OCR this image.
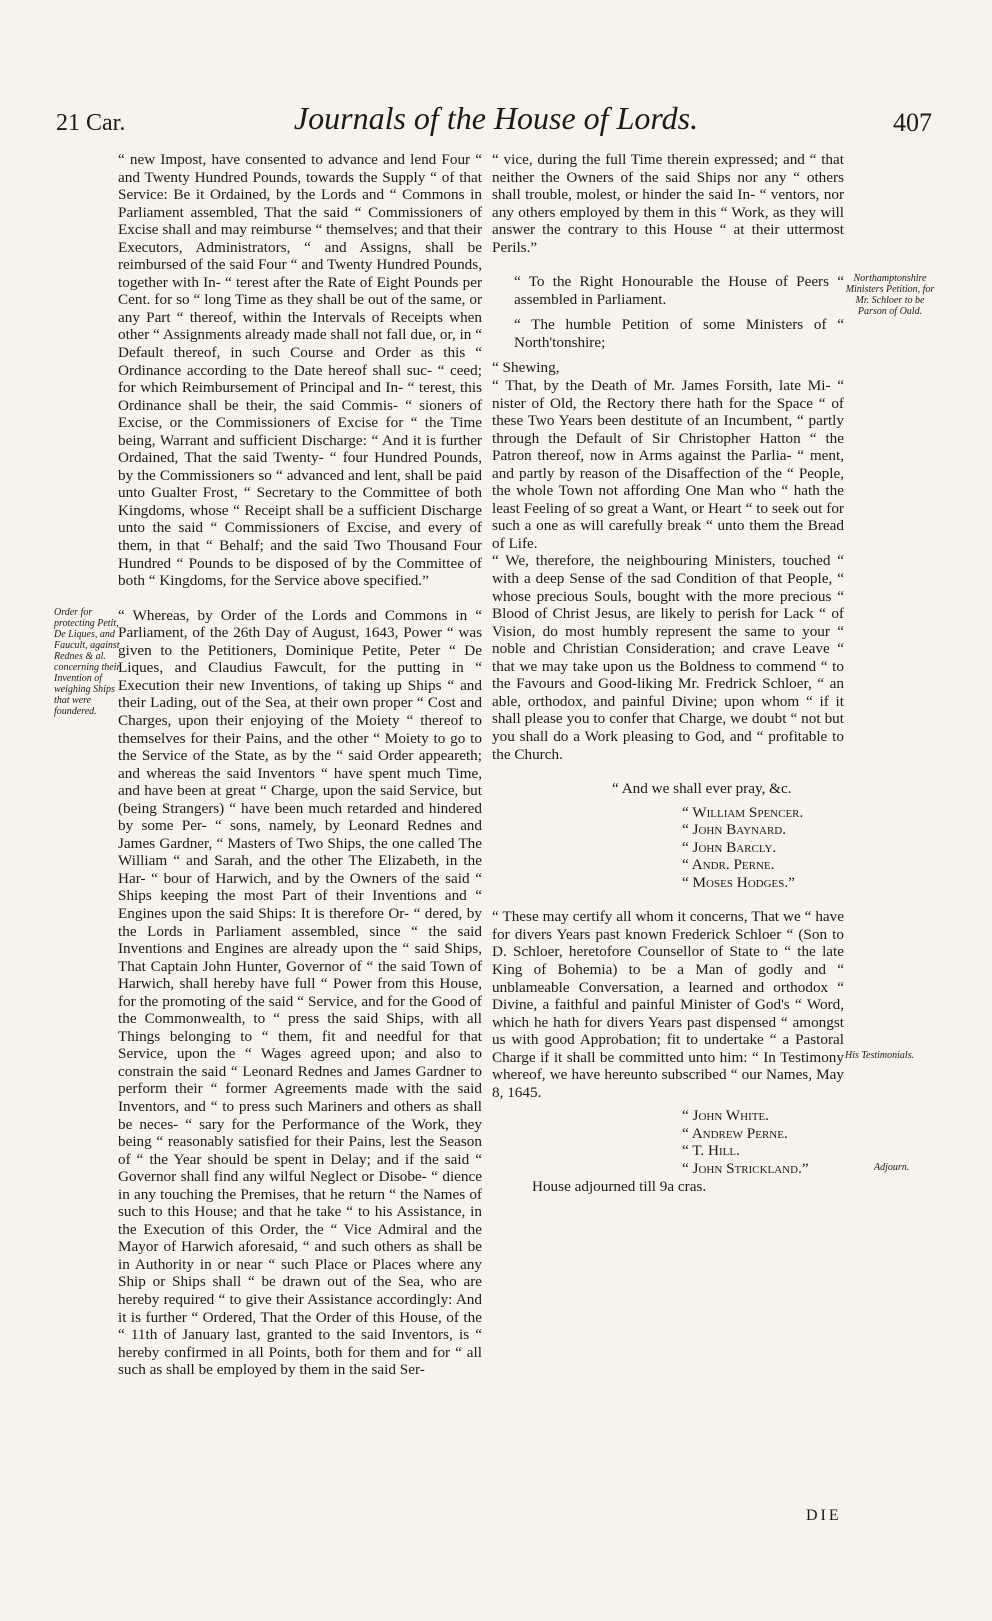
21 Car.	Journals of the House of Lords.	407
Order for protecting Petit, De Liques, and Faucult, against Rednes & al. concerning their Invention of weighing Ships that were foundered.
Northamptonshire Ministers Petition, for Mr. Schloer to be Parson of Ould.
His Testimonials.
Adjourn.

“ new Impost, have consented to advance and lend Four “ and Twenty Hundred Pounds, towards the Supply “ of that Service: Be it Ordained, by the Lords and “ Commons in Parliament assembled, That the said “ Commissioners of Excise shall and may reimburse “ themselves; and that their Executors, Administrators, “ and Assigns, shall be reimbursed of the said Four “ and Twenty Hundred Pounds, together with In- “ terest after the Rate of Eight Pounds per Cent. for so “ long Time as they shall be out of the same, or any Part “ thereof, within the Intervals of Receipts when other “ Assignments already made shall not fall due, or, in “ Default thereof, in such Course and Order as this “ Ordinance according to the Date hereof shall suc- “ ceed; for which Reimbursement of Principal and In- “ terest, this Ordinance shall be their, the said Commis- “ sioners of Excise, or the Commissioners of Excise for “ the Time being, Warrant and sufficient Discharge: “ And it is further Ordained, That the said Twenty- “ four Hundred Pounds, by the Commissioners so “ advanced and lent, shall be paid unto Gualter Frost, “ Secretary to the Committee of both Kingdoms, whose “ Receipt shall be a sufficient Discharge unto the said “ Commissioners of Excise, and every of them, in that “ Behalf; and the said Two Thousand Four Hundred “ Pounds to be disposed of by the Committee of both “ Kingdoms, for the Service above specified.”

“ Whereas, by Order of the Lords and Commons in “ Parliament, of the 26th Day of August, 1643, Power “ was given to the Petitioners, Dominique Petite, Peter “ De Liques, and Claudius Fawcult, for the putting in “ Execution their new Inventions, of taking up Ships “ and their Lading, out of the Sea, at their own proper “ Cost and Charges, upon their enjoying of the Moiety “ thereof to themselves for their Pains, and the other “ Moiety to go to the Service of the State, as by the “ said Order appeareth; and whereas the said Inventors “ have spent much Time, and have been at great “ Charge, upon the said Service, but (being Strangers) “ have been much retarded and hindered by some Per- “ sons, namely, by Leonard Rednes and James Gardner, “ Masters of Two Ships, the one called The William “ and Sarah, and the other The Elizabeth, in the Har- “ bour of Harwich, and by the Owners of the said “ Ships keeping the most Part of their Inventions and “ Engines upon the said Ships: It is therefore Or- “ dered, by the Lords in Parliament assembled, since “ the said Inventions and Engines are already upon the “ said Ships, That Captain John Hunter, Governor of “ the said Town of Harwich, shall hereby have full “ Power from this House, for the promoting of the said “ Service, and for the Good of the Commonwealth, to “ press the said Ships, with all Things belonging to “ them, fit and needful for that Service, upon the “ Wages agreed upon; and also to constrain the said “ Leonard Rednes and James Gardner to perform their “ former Agreements made with the said Inventors, and “ to press such Mariners and others as shall be neces- “ sary for the Performance of the Work, they being “ reasonably satisfied for their Pains, lest the Season of “ the Year should be spent in Delay; and if the said “ Governor shall find any wilful Neglect or Disobe- “ dience in any touching the Premises, that he return “ the Names of such to this House; and that he take “ to his Assistance, in the Execution of this Order, the “ Vice Admiral and the Mayor of Harwich aforesaid, “ and such others as shall be in Authority in or near “ such Place or Places where any Ship or Ships shall “ be drawn out of the Sea, who are hereby required “ to give their Assistance accordingly: And it is further “ Ordered, That the Order of this House, of the “ 11th of January last, granted to the said Inventors, is “ hereby confirmed in all Points, both for them and for “ all such as shall be employed by them in the said Ser-

“ vice, during the full Time therein expressed; and “ that neither the Owners of the said Ships nor any “ others shall trouble, molest, or hinder the said In- “ ventors, nor any others employed by them in this “ Work, as they will answer the contrary to this House “ at their uttermost Perils.”

“ To the Right Honourable the House of Peers “ assembled in Parliament.

“ The humble Petition of some Ministers of “ North'tonshire;

“ Shewing,

“ That, by the Death of Mr. James Forsith, late Mi- “ nister of Old, the Rectory there hath for the Space “ of these Two Years been destitute of an Incumbent, “ partly through the Default of Sir Christopher Hatton “ the Patron thereof, now in Arms against the Parlia- “ ment, and partly by reason of the Disaffection of the “ People, the whole Town not affording One Man who “ hath the least Feeling of so great a Want, or Heart “ to seek out for such a one as will carefully break “ unto them the Bread of Life.

“ We, therefore, the neighbouring Ministers, touched “ with a deep Sense of the sad Condition of that People, “ whose precious Souls, bought with the more precious “ Blood of Christ Jesus, are likely to perish for Lack “ of Vision, do most humbly represent the same to your “ noble and Christian Consideration; and crave Leave “ that we may take upon us the Boldness to commend “ to the Favours and Good-liking Mr. Fredrick Schloer, “ an able, orthodox, and painful Divine; upon whom “ if it shall please you to confer that Charge, we doubt “ not but you shall do a Work pleasing to God, and “ profitable to the Church.

“ And we shall ever pray, &c.

“ William Spencer.
“ John Baynard.
“ John Barcly.
“ Andr. Perne.
“ Moses Hodges.”

“ These may certify all whom it concerns, That we “ have for divers Years past known Frederick Schloer “ (Son to D. Schloer, heretofore Counsellor of State to “ the late King of Bohemia) to be a Man of godly and “ unblameable Conversation, a learned and orthodox “ Divine, a faithful and painful Minister of God's “ Word, which he hath for divers Years past dispensed “ amongst us with good Approbation; fit to undertake “ a Pastoral Charge if it shall be committed unto him: “ In Testimony whereof, we have hereunto subscribed “ our Names, May 8, 1645.

“ John White.
“ Andrew Perne.
“ T. Hill.
“ John Strickland.”

House adjourned till 9a cras.

DIE
